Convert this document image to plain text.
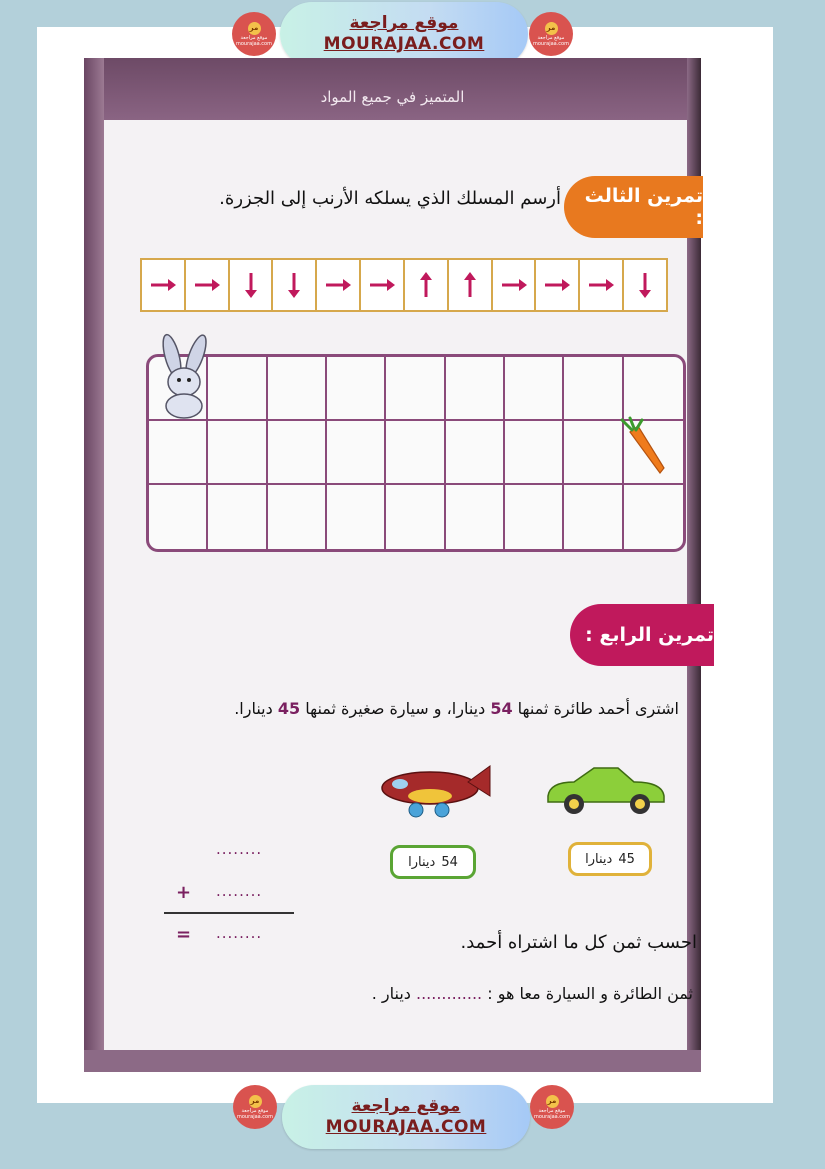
مر
موقع مراجعة
mourajaa.com
موقع مراجعة
MOURAJAA.COM
مر
موقع مراجعة
mourajaa.com
المتميز في جميع المواد
تمرين الثالث :
أرسم المسلك الذي يسلكه الأرنب إلى الجزرة.
تمرين الرابع :
اشترى أحمد طائرة ثمنها 54 دينارا، و سيارة صغيرة ثمنها 45 دينارا.
54
دينارا	45
دينارا
........
+ ........
= ........	احسب ثمن كل ما اشتراه أحمد.
ثمن الطائرة و السيارة معا هو : ............. دينار .
مر
موقع مراجعة
mourajaa.com
موقع مراجعة
MOURAJAA.COM
مر
موقع مراجعة
mourajaa.com
